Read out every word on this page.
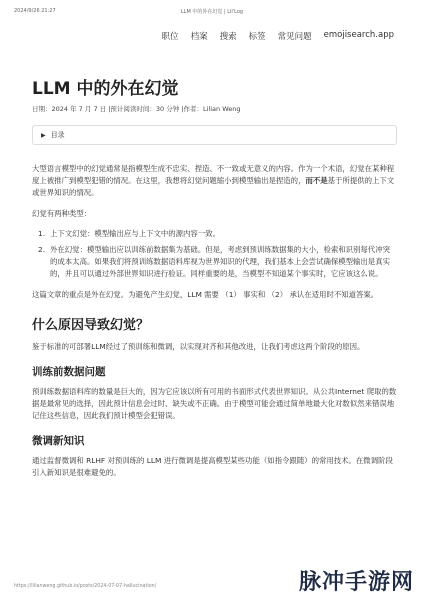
2024/9/26 21:27	LLM 中的外在幻觉 | Lil'Log
职位 档案 搜索 标签 常见问题 emojisearch.app
LLM 中的外在幻觉
日期：2024 年 7 月 7 日 |预计阅读时间：30 分钟 |作者：Lilian Weng
▶ 目录

大型语言模型中的幻觉通常是指模型生成不忠实、捏造、不一致或无意义的内容。作为一个术语，幻觉在某种程度上被推广到模型犯错的情况。在这里，我想将幻觉问题缩小到模型输出是捏造的，而不是基于所提供的上下文或世界知识的情况。

幻觉有两种类型：

1. 上下文幻觉：模型输出应与上下文中的源内容一致。
2. 外在幻觉：模型输出应以训练前数据集为基础。但是，考虑到预训练数据集的大小，检索和识别每代冲突的成本太高。如果我们将预训练数据语料库视为世界知识的代理，我们基本上会尝试确保模型输出是真实的，并且可以通过外部世界知识进行验证。同样重要的是，当模型不知道某个事实时，它应该这么说。

这篇文章的重点是外在幻觉。为避免产生幻觉，LLM 需要 （1） 事实和 （2） 承认在适用时不知道答案。

什么原因导致幻觉？

鉴于标准的可部署LLM经过了预训练和微调，以实现对齐和其他改进，让我们考虑这两个阶段的原因。

训练前数据问题

预训练数据语料库的数量是巨大的，因为它应该以所有可用的书面形式代表世界知识。从公共Internet 爬取的数据是最常见的选择，因此预计信息会过时、缺失或不正确。由于模型可能会通过简单地最大化对数似然来错误地记住这些信息，因此我们预计模型会犯错误。

微调新知识

通过监督微调和 RLHF 对预训练的 LLM 进行微调是提高模型某些功能（如指令跟随）的常用技术。在微调阶段引入新知识是很难避免的。

https://lilianweng.github.io/posts/2024-07-07-hallucination/	脉冲手游网
